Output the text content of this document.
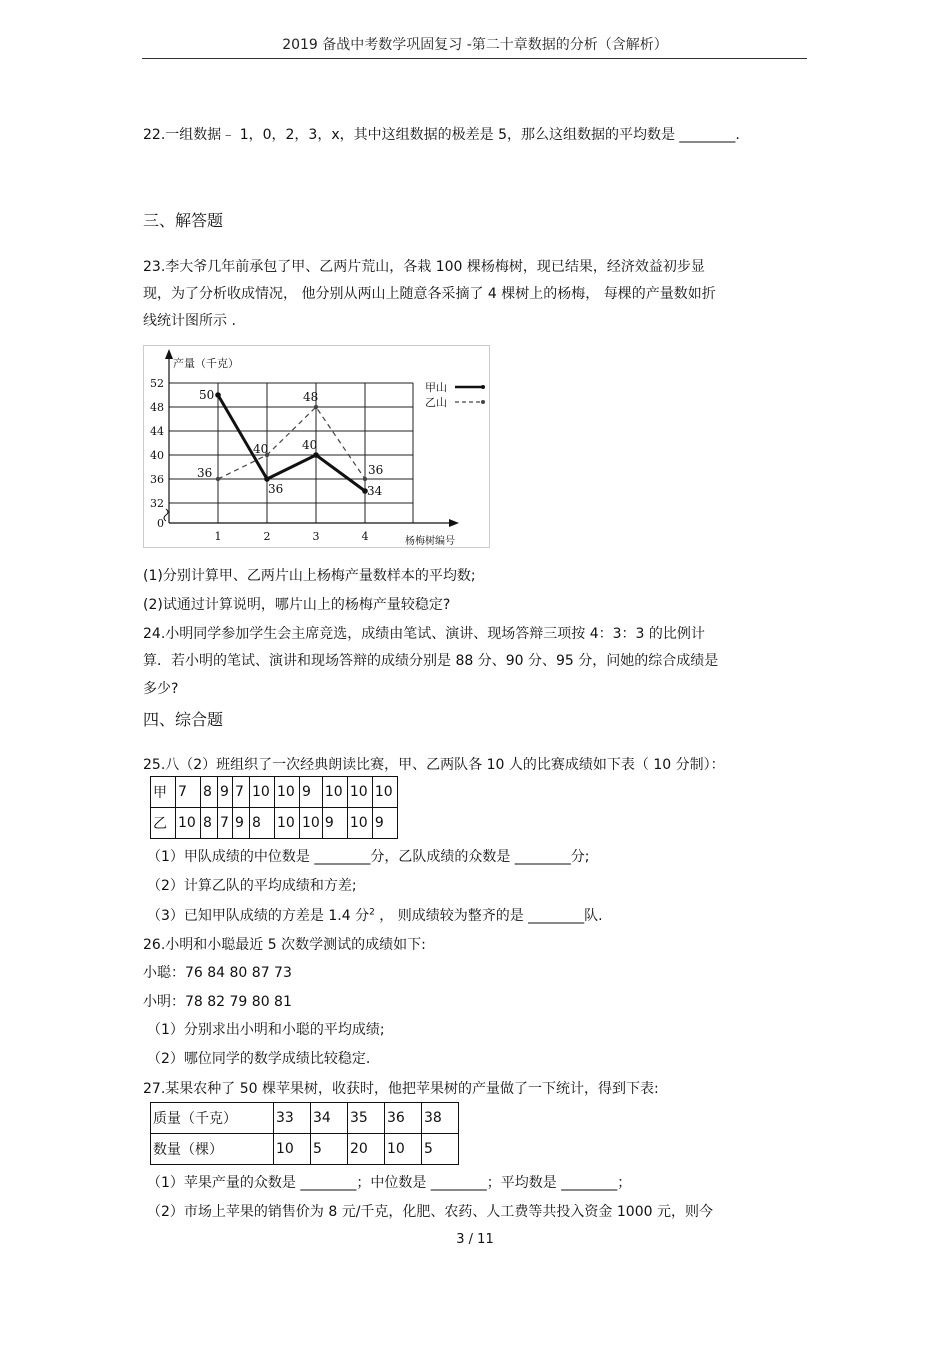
2019 备战中考数学巩固复习 -第二十章数据的分析（含解析）
22.一组数据﹣ 1，0，2，3，x，其中这组数据的极差是 5，那么这组数据的平均数是 ________.
三、解答题
23.李大爷几年前承包了甲、乙两片荒山，各栽 100 棵杨梅树，现已结果，经济效益初步显
现，为了分析收成情况， 他分别从两山上随意各采摘了 4 棵树上的杨梅， 每棵的产量数如折
线统计图所示 .
0
32
36
40
44
48
52
1	2	3	4
产量（千克）
杨梅树编号
50
36
40
34
36
40
48
36
甲山
乙山
(1)分别计算甲、乙两片山上杨梅产量数样本的平均数;
(2)试通过计算说明，哪片山上的杨梅产量较稳定?
24.小明同学参加学生会主席竞选，成绩由笔试、演讲、现场答辩三项按 4：3：3 的比例计
算．若小明的笔试、演讲和现场答辩的成绩分别是 88 分、90 分、95 分，问她的综合成绩是
多少?
四、综合题
25.八（2）班组织了一次经典朗读比赛，甲、乙两队各 10 人的比赛成绩如下表（ 10 分制）：
甲	7	8	9	7	10	10	9	10	10	10
乙	10	8	7	9	8	10	10	9	10	9
（1）甲队成绩的中位数是 ________分，乙队成绩的众数是 ________分;
（2）计算乙队的平均成绩和方差;
（3）已知甲队成绩的方差是 1.4 分$^2$ ， 则成绩较为整齐的是 ________队.
26.小明和小聪最近 5 次数学测试的成绩如下:
小聪：76 84 80 87 73
小明：78 82 79 80 81
（1）分别求出小明和小聪的平均成绩;
（2）哪位同学的数学成绩比较稳定.
27.某果农种了 50 棵苹果树，收获时，他把苹果树的产量做了一下统计，得到下表:
质量（千克）	33	34	35	36	38
数量（棵）	10	5	20	10	5
（1）苹果产量的众数是 ________；中位数是 ________；平均数是 ________；
（2）市场上苹果的销售价为 8 元/千克，化肥、农药、人工费等共投入资金 1000 元，则今
3 / 11
